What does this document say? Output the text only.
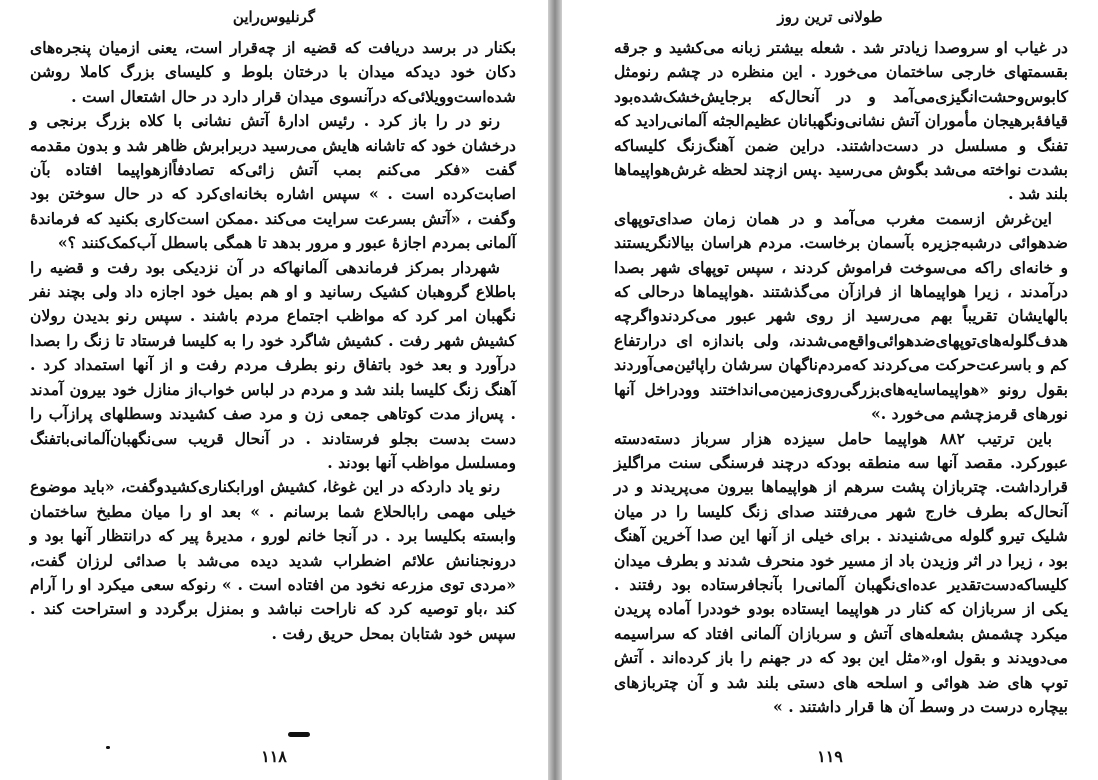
گرنلیوس‌راین

بکنار در برسد دریافت که قضیه از چه‌قرار است، یعنی ازمیان پنجره‌های دکان خود دیدکه میدان با درختان بلوط و کلیسای بزرگ کاملا روشن شده‌است‌وویلائی‌که درآنسوی میدان قرار دارد در حال اشتعال است .

رنو در را باز کرد . رئیس ادارهٔ آتش نشانی با کلاه بزرگ برنجی و درخشان خود که تاشانه هایش می‌رسید دربرابرش ظاهر شد و بدون مقدمه گفت «فکر می‌کنم بمب آتش زائی‌که تصادفاًازهواپیما افتاده بآن اصابت‌کرده است . » سپس اشاره بخانه‌ای‌کرد که در حال سوختن بود وگفت ، «آتش بسرعت سرایت می‌کند .ممکن است‌کاری بکنید که فرماندهٔ آلمانی بمردم اجازهٔ عبور و مرور بدهد تا همگی باسطل آب‌کمک‌کنند ؟»

شهردار بمرکز فرماندهی آلمانهاکه در آن نزدیکی بود رفت و قضیه را باطلاع گروهبان کشیک رسانید و او هم بمیل خود اجازه داد ولی بچند نفر نگهبان امر کرد که مواظب اجتماع مردم باشند . سپس رنو بدیدن رولان کشیش شهر رفت . کشیش شاگرد خود را به کلیسا فرستاد تا زنگ را بصدا درآورد و بعد خود باتفاق رنو بطرف مردم رفت و از آنها استمداد کرد . آهنگ زنگ کلیسا بلند شد و مردم در لباس خواب‌از منازل خود بیرون آمدند . پس‌از مدت کوتاهی جمعی زن و مرد صف کشیدند وسطلهای پراز‌آب را دست بدست بجلو فرستادند . در آنحال قریب سی‌نگهبان‌آلمانی‌باتفنگ ومسلسل مواظب آنها بودند .

رنو یاد داردکه در این غوغا، کشیش اورابکناری‌کشیدوگفت، «باید موضوع خیلی مهمی رابالحلاع شما برسانم . » بعد او را میان مطبخ ساختمان وابسته بکلیسا برد . در آنجا خانم لورو ، مدیرهٔ پیر که درانتظار آنها بود و درونجنانش علائم اضطراب شدید دیده می‌شد با صدائی لرزان گفت، «مردی توی مزرعه نخود من افتاده است . » رنوکه سعی میکرد او را آرام کند ،باو توصیه کرد که ناراحت نباشد و بمنزل برگردد و استراحت کند . سپس خود شتابان بمحل حریق رفت .

۱۱۸
طولانی ترین روز

در غیاب او سروصدا زیادتر شد . شعله بیشتر زبانه می‌کشید و جرقه بقسمتهای خارجی ساختمان می‌خورد . این منظره در چشم رنومثل کابوس‌وحشت‌انگیزی‌می‌آمد و در آنحال‌که برجایش‌خشک‌شده‌بود قیافهٔ‌برهیجان مأموران آتش نشانی‌ونگهبانان عظیم‌الجثه آلمانی‌رادید که تفنگ و مسلسل در دست‌داشتند. دراین ضمن آهنگ‌زنگ کلیسا‌که بشدت نواخته می‌شد بگوش می‌رسید .پس ازچند لحظه غرش‌هواپیماها بلند شد .

این‌غرش ازسمت مغرب می‌آمد و در همان زمان صدای‌توپهای ضدهوائی درشبه‌جزیره بآسمان برخاست. مردم هراسان بیالانگریستند و خانه‌ای راکه می‌سوخت فراموش کردند ، سپس توپهای شهر بصدا درآمدند ، زیرا هواپیماها از فرازآن می‌گذشتند .هواپیماها درحالی که بالهایشان تقریباً بهم می‌رسید از روی شهر عبور می‌کردندواگرچه هدف‌گلوله‌های‌توپهای‌ضدهوائی‌واقع‌می‌شدند، ولی باندازه ای درارتفاع کم و باسرعت‌حرکت می‌کردند که‌مردم‌ناگهان سرشان راپائین‌می‌آوردند بقول رونو «هواپیماسایه‌های‌بزرگی‌روی‌زمین‌می‌انداختند وودراخل آنها نورهای قرمزچشم می‌خورد .»

باین ترتیب ۸۸۲ هواپیما حامل سیزده هزار سرباز دسته‌دسته عبورکرد. مقصد آنها سه منطقه بودکه درچند فرسنگی سنت مراگلیز قرارداشت. چتربازان پشت سرهم از هواپیماها بیرون می‌پریدند و در آنحال‌که بطرف خارج شهر می‌رفتند صدای زنگ کلیسا را در میان شلیک تیرو گلوله می‌شنیدند . برای خیلی از آنها این صدا آخرین آهنگ بود ، زیرا در اثر وزیدن باد از مسیر خود منحرف شدند و بطرف میدان کلیساکه‌دست‌تقدیر عده‌ای‌نگهبان آلمانی‌را بآنجافرستاده بود رفتند . یکی از سربازان که کنار در هواپیما ایستاده بودو خوددرا آماده پریدن میکرد چشمش بشعله‌های آتش و سربازان آلمانی افتاد که سراسیمه می‌دویدند و بقول او،«مثل این بود که در جهنم را باز کرده‌اند . آتش توپ های ضد هوائی و اسلحه های دستی بلند شد و آن چتربازهای بیچاره درست در وسط آن ها قرار داشتند . »

۱۱۹
